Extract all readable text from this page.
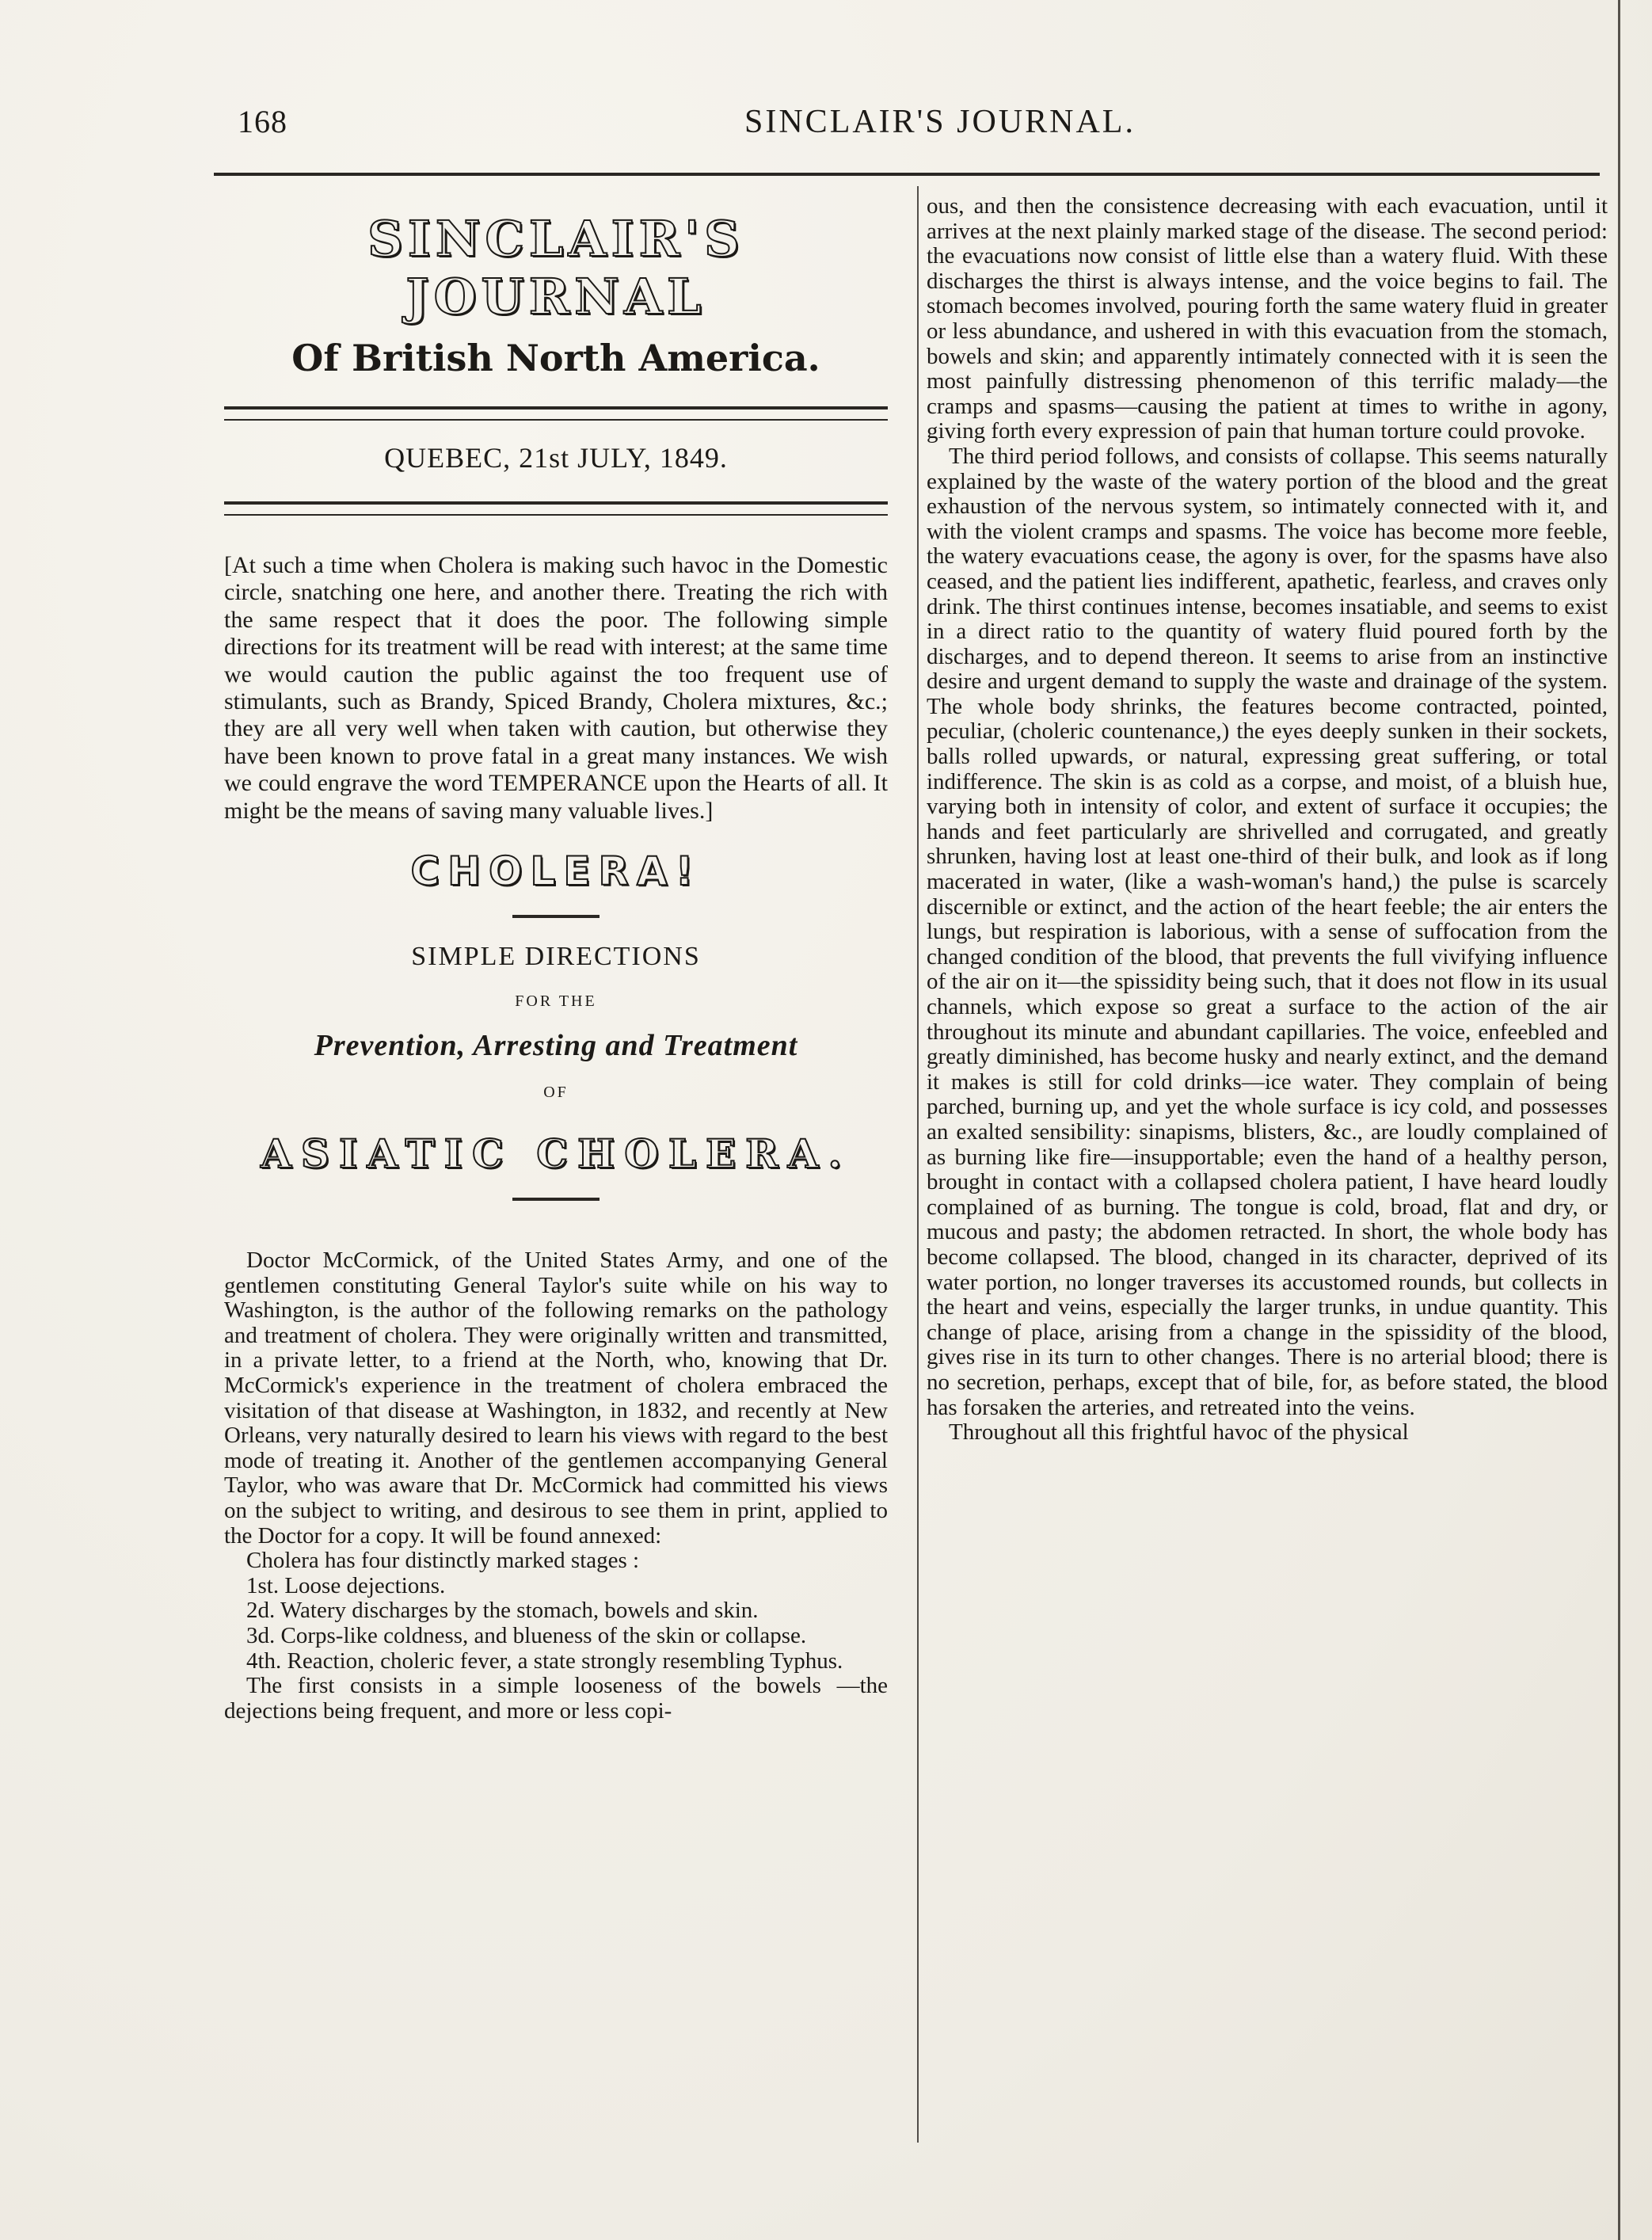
168	SINCLAIR'S JOURNAL.
SINCLAIR'S JOURNAL
Of British North America.
QUEBEC, 21st JULY, 1849.
[At such a time when Cholera is making such havoc in the Domestic circle, snatching one here, and another there. Treating the rich with the same respect that it does the poor. The following simple directions for its treatment will be read with interest; at the same time we would caution the public against the too frequent use of stimulants, such as Brandy, Spiced Brandy, Cholera mixtures, &c.; they are all very well when taken with caution, but otherwise they have been known to prove fatal in a great many instances. We wish we could engrave the word TEMPERANCE upon the Hearts of all. It might be the means of saving many valuable lives.]
CHOLERA!
SIMPLE DIRECTIONS
FOR THE
Prevention, Arresting and Treatment
OF
ASIATIC CHOLERA.

Doctor McCormick, of the United States Army, and one of the gentlemen constituting General Taylor's suite while on his way to Washington, is the author of the following remarks on the pathology and treatment of cholera. They were originally written and transmitted, in a private letter, to a friend at the North, who, knowing that Dr. McCormick's experience in the treatment of cholera embraced the visitation of that disease at Washington, in 1832, and recently at New Orleans, very naturally desired to learn his views with regard to the best mode of treating it. Another of the gentlemen accompanying General Taylor, who was aware that Dr. McCormick had committed his views on the subject to writing, and desirous to see them in print, applied to the Doctor for a copy. It will be found annexed:

Cholera has four distinctly marked stages :

1st. Loose dejections.

2d. Watery discharges by the stomach, bowels and skin.

3d. Corps-like coldness, and blueness of the skin or collapse.

4th. Reaction, choleric fever, a state strongly resembling Typhus.

The first consists in a simple looseness of the bowels —the dejections being frequent, and more or less copi-

ous, and then the consistence decreasing with each evacuation, until it arrives at the next plainly marked stage of the disease. The second period: the evacuations now consist of little else than a watery fluid. With these discharges the thirst is always intense, and the voice begins to fail. The stomach becomes involved, pouring forth the same watery fluid in greater or less abundance, and ushered in with this evacuation from the stomach, bowels and skin; and apparently intimately connected with it is seen the most painfully distressing phenomenon of this terrific malady—the cramps and spasms—causing the patient at times to writhe in agony, giving forth every expression of pain that human torture could provoke.

The third period follows, and consists of collapse. This seems naturally explained by the waste of the watery portion of the blood and the great exhaustion of the nervous system, so intimately connected with it, and with the violent cramps and spasms. The voice has become more feeble, the watery evacuations cease, the agony is over, for the spasms have also ceased, and the patient lies indifferent, apathetic, fearless, and craves only drink. The thirst continues intense, becomes insatiable, and seems to exist in a direct ratio to the quantity of watery fluid poured forth by the discharges, and to depend thereon. It seems to arise from an instinctive desire and urgent demand to supply the waste and drainage of the system. The whole body shrinks, the features become contracted, pointed, peculiar, (choleric countenance,) the eyes deeply sunken in their sockets, balls rolled upwards, or natural, expressing great suffering, or total indifference. The skin is as cold as a corpse, and moist, of a bluish hue, varying both in intensity of color, and extent of surface it occupies; the hands and feet particularly are shrivelled and corrugated, and greatly shrunken, having lost at least one-third of their bulk, and look as if long macerated in water, (like a wash-woman's hand,) the pulse is scarcely discernible or extinct, and the action of the heart feeble; the air enters the lungs, but respiration is laborious, with a sense of suffocation from the changed condition of the blood, that prevents the full vivifying influence of the air on it—the spissidity being such, that it does not flow in its usual channels, which expose so great a surface to the action of the air throughout its minute and abundant capillaries. The voice, enfeebled and greatly diminished, has become husky and nearly extinct, and the demand it makes is still for cold drinks—ice water. They complain of being parched, burning up, and yet the whole surface is icy cold, and possesses an exalted sensibility: sinapisms, blisters, &c., are loudly complained of as burning like fire—insupportable; even the hand of a healthy person, brought in contact with a collapsed cholera patient, I have heard loudly complained of as burning. The tongue is cold, broad, flat and dry, or mucous and pasty; the abdomen retracted. In short, the whole body has become collapsed. The blood, changed in its character, deprived of its water portion, no longer traverses its accustomed rounds, but collects in the heart and veins, especially the larger trunks, in undue quantity. This change of place, arising from a change in the spissidity of the blood, gives rise in its turn to other changes. There is no arterial blood; there is no secretion, perhaps, except that of bile, for, as before stated, the blood has forsaken the arteries, and retreated into the veins.

Throughout all this frightful havoc of the physical
